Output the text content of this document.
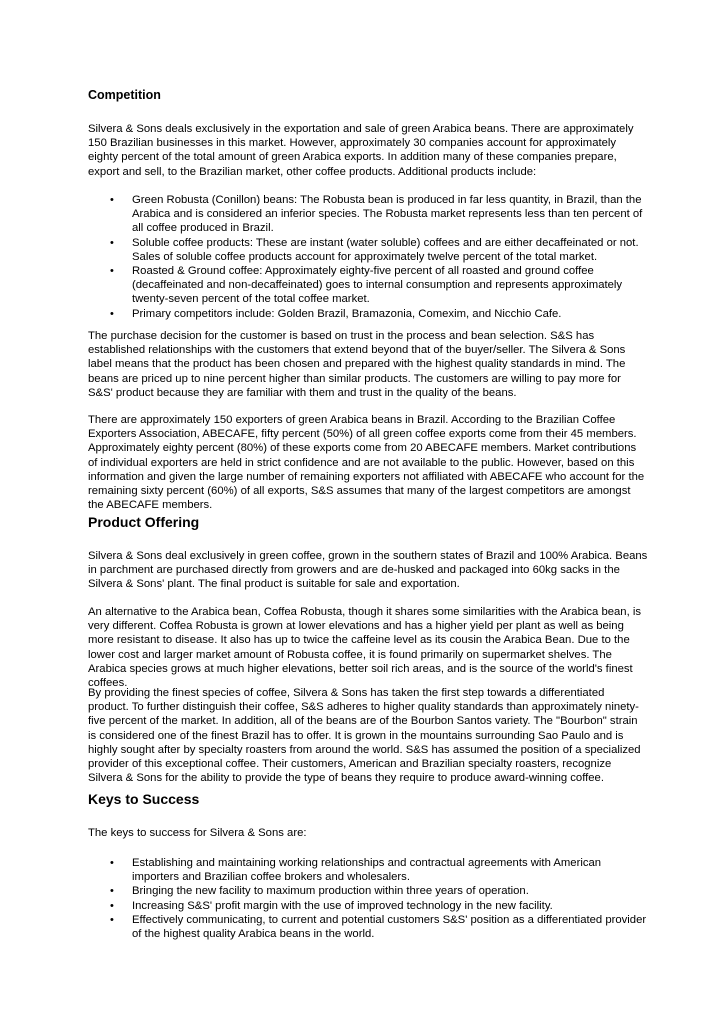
Competition

Silvera & Sons deals exclusively in the exportation and sale of green Arabica beans. There are approximately 150 Brazilian businesses in this market. However, approximately 30 companies account for approximately eighty percent of the total amount of green Arabica exports. In addition many of these companies prepare, export and sell, to the Brazilian market, other coffee products. Additional products include:

• Green Robusta (Conillon) beans: The Robusta bean is produced in far less quantity, in Brazil, than the Arabica and is considered an inferior species. The Robusta market represents less than ten percent of all coffee produced in Brazil.
• Soluble coffee products: These are instant (water soluble) coffees and are either decaffeinated or not. Sales of soluble coffee products account for approximately twelve percent of the total market.
• Roasted & Ground coffee: Approximately eighty-five percent of all roasted and ground coffee (decaffeinated and non-decaffeinated) goes to internal consumption and represents approximately twenty-seven percent of the total coffee market.
• Primary competitors include: Golden Brazil, Bramazonia, Comexim, and Nicchio Cafe.

The purchase decision for the customer is based on trust in the process and bean selection. S&S has established relationships with the customers that extend beyond that of the buyer/seller. The Silvera & Sons label means that the product has been chosen and prepared with the highest quality standards in mind. The beans are priced up to nine percent higher than similar products. The customers are willing to pay more for S&S' product because they are familiar with them and trust in the quality of the beans.

There are approximately 150 exporters of green Arabica beans in Brazil. According to the Brazilian Coffee Exporters Association, ABECAFE, fifty percent (50%) of all green coffee exports come from their 45 members. Approximately eighty percent (80%) of these exports come from 20 ABECAFE members. Market contributions of individual exporters are held in strict confidence and are not available to the public. However, based on this information and given the large number of remaining exporters not affiliated with ABECAFE who account for the remaining sixty percent (60%) of all exports, S&S assumes that many of the largest competitors are amongst the ABECAFE members.

Product Offering

Silvera & Sons deal exclusively in green coffee, grown in the southern states of Brazil and 100% Arabica. Beans in parchment are purchased directly from growers and are de-husked and packaged into 60kg sacks in the Silvera & Sons' plant. The final product is suitable for sale and exportation.

An alternative to the Arabica bean, Coffea Robusta, though it shares some similarities with the Arabica bean, is very different. Coffea Robusta is grown at lower elevations and has a higher yield per plant as well as being more resistant to disease. It also has up to twice the caffeine level as its cousin the Arabica Bean. Due to the lower cost and larger market amount of Robusta coffee, it is found primarily on supermarket shelves. The Arabica species grows at much higher elevations, better soil rich areas, and is the source of the world's finest coffees.

By providing the finest species of coffee, Silvera & Sons has taken the first step towards a differentiated product. To further distinguish their coffee, S&S adheres to higher quality standards than approximately ninety-five percent of the market. In addition, all of the beans are of the Bourbon Santos variety. The "Bourbon" strain is considered one of the finest Brazil has to offer. It is grown in the mountains surrounding Sao Paulo and is highly sought after by specialty roasters from around the world. S&S has assumed the position of a specialized provider of this exceptional coffee. Their customers, American and Brazilian specialty roasters, recognize Silvera & Sons for the ability to provide the type of beans they require to produce award-winning coffee.

Keys to Success

The keys to success for Silvera & Sons are:

• Establishing and maintaining working relationships and contractual agreements with American importers and Brazilian coffee brokers and wholesalers.
• Bringing the new facility to maximum production within three years of operation.
• Increasing S&S' profit margin with the use of improved technology in the new facility.
• Effectively communicating, to current and potential customers S&S' position as a differentiated provider of the highest quality Arabica beans in the world.
